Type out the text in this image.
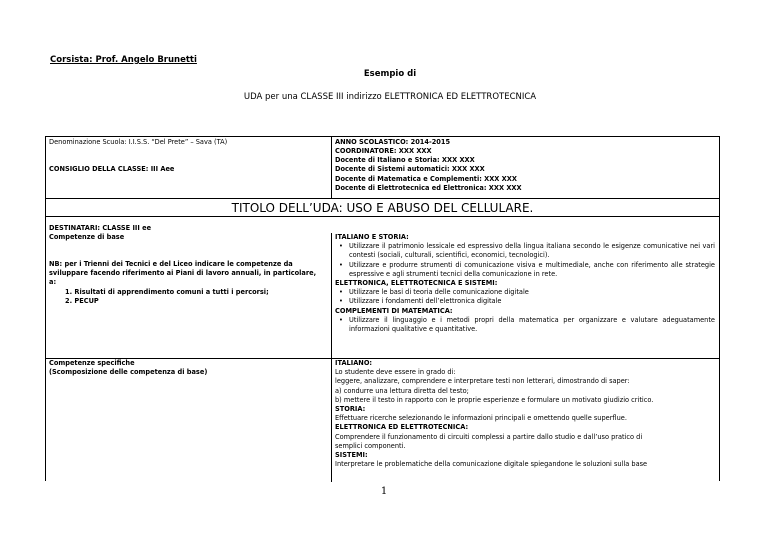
Corsista: Prof. Angelo Brunetti
Esempio di
UDA per una CLASSE III indirizzo ELETTRONICA ED ELETTROTECNICA
Denominazione Scuola: I.I.S.S. “Del Prete” – Sava (TA)
CONSIGLIO DELLA CLASSE: III Aee
ANNO SCOLASTICO: 2014-2015
COORDINATORE: XXX XXX
Docente di Italiano e Storia: XXX XXX
Docente di Sistemi automatici: XXX XXX
Docente di Matematica e Complementi: XXX XXX
Docente di Elettrotecnica ed Elettronica: XXX XXX
TITOLO DELL’UDA: USO E ABUSO DEL CELLULARE.
DESTINATARI: CLASSE III ee
Competenze di base
NB: per i Trienni dei Tecnici e del Liceo indicare le competenze da sviluppare facendo riferimento ai Piani di lavoro annuali, in particolare, a:
1. Risultati di apprendimento comuni a tutti i percorsi;
2. PECUP
ITALIANO E STORIA:
• Utilizzare il patrimonio lessicale ed espressivo della lingua italiana secondo le esigenze comunicative nei vari contesti (sociali, culturali, scientifici, economici, tecnologici).
• Utilizzare e produrre strumenti di comunicazione visiva e multimediale, anche con riferimento alle strategie espressive e agli strumenti tecnici della comunicazione in rete.
ELETTRONICA, ELETTROTECNICA E SISTEMI:
• Utilizzare le basi di teoria delle comunicazione digitale
• Utilizzare i fondamenti dell’elettronica digitale
COMPLEMENTI DI MATEMATICA:
• Utilizzare il linguaggio e i metodi propri della matematica per organizzare e valutare adeguatamente informazioni qualitative e quantitative.
Competenze specifiche
(Scomposizione delle competenza di base)
ITALIANO:
Lo studente deve essere in grado di:
leggere, analizzare, comprendere e interpretare testi non letterari, dimostrando di saper:
a) condurre una lettura diretta del testo;
b) mettere il testo in rapporto con le proprie esperienze e formulare un motivato giudizio critico.
STORIA:
Effettuare ricerche selezionando le informazioni principali e omettendo quelle superflue.
ELETTRONICA ED ELETTROTECNICA:
Comprendere il funzionamento di circuiti complessi a partire dallo studio e dall’uso pratico di
semplici componenti.
SISTEMI:
Interpretare le problematiche della comunicazione digitale spiegandone le soluzioni sulla base
1
